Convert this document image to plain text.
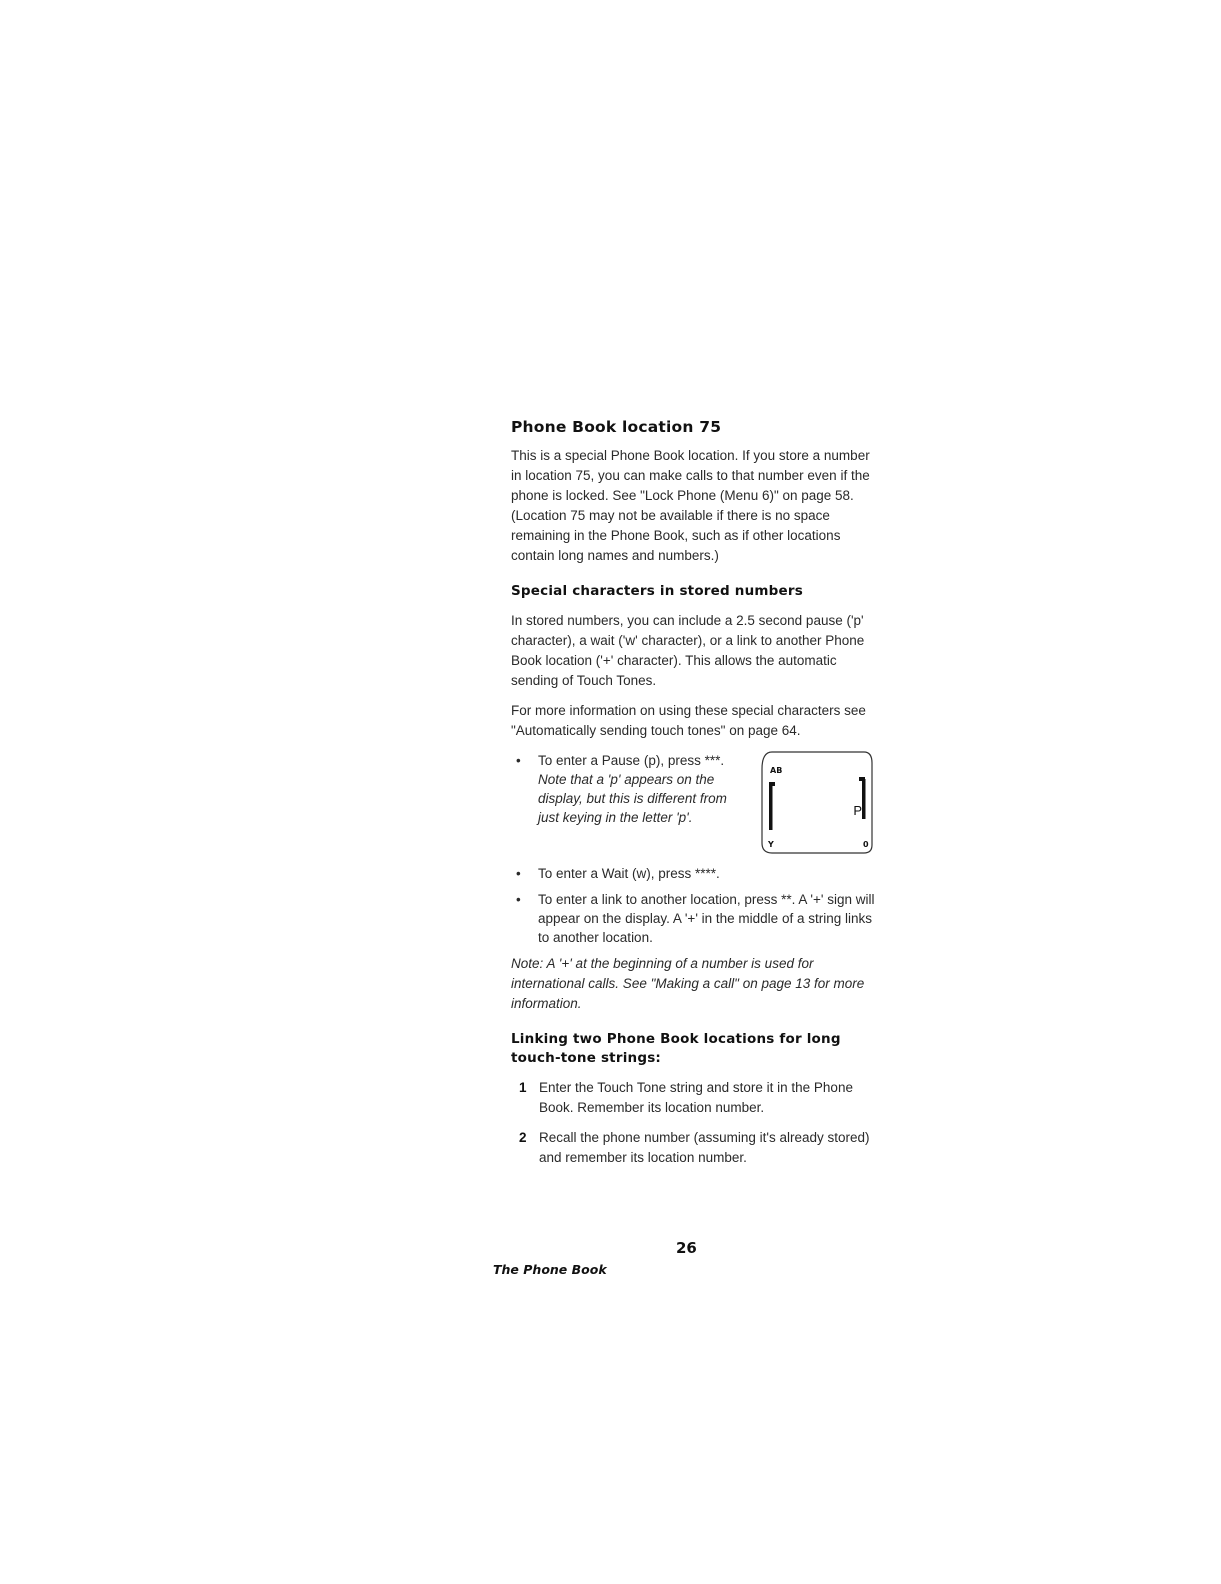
Phone Book location 75

This is a special Phone Book location. If you store a number in location 75, you can make calls to that number even if the phone is locked. See "Lock Phone (Menu 6)" on page 58. (Location 75 may not be available if there is no space remaining in the Phone Book, such as if other locations contain long names and numbers.)

Special characters in stored numbers

In stored numbers, you can include a 2.5 second pause ('p' character), a wait ('w' character), or a link to another Phone Book location ('+' character). This allows the automatic sending of Touch Tones.

For more information on using these special characters see "Automatically sending touch tones" on page 64.

• To enter a Pause (p), press ***. Note that a 'p' appears on the display, but this is different from just keying in the letter 'p'.
AB
Y	0
P
• To enter a Wait (w), press ****.
• To enter a link to another location, press **. A '+' sign will appear on the display. A '+' in the middle of a string links to another location.

Note: A '+' at the beginning of a number is used for international calls. See "Making a call" on page 13 for more information.

Linking two Phone Book locations for long touch-tone strings:
1 Enter the Touch Tone string and store it in the Phone Book. Remember its location number.
2 Recall the phone number (assuming it's already stored) and remember its location number.
26
The Phone Book
